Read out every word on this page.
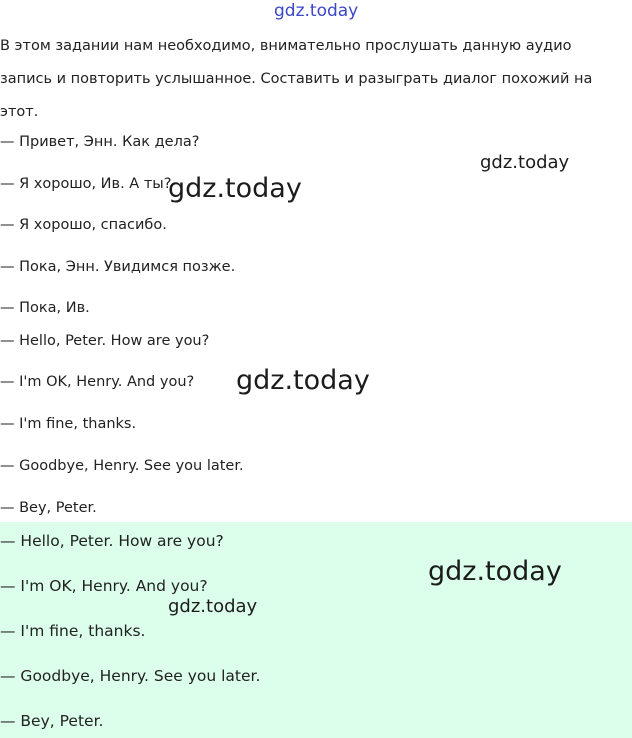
gdz.today

В этом задании нам необходимо, внимательно прослушать данную аудио запись и повторить услышанное. Составить и разыграть диалог похожий на этот.

— Привет, Энн. Как дела?
— Я хорошо, Ив. А ты?
— Я хорошо, спасибо.
— Пока, Энн. Увидимся позже.
— Пока, Ив.
— Hello, Peter. How are you?
— I'm OK, Henry. And you?
— I'm fine, thanks.
— Goodbye, Henry. See you later.
— Bey, Peter.
— Hello, Peter. How are you?
— I'm OK, Henry. And you?
— I'm fine, thanks.
— Goodbye, Henry. See you later.
— Bey, Peter.
gdz.today
gdz.today
gdz.today
gdz.today
gdz.today
